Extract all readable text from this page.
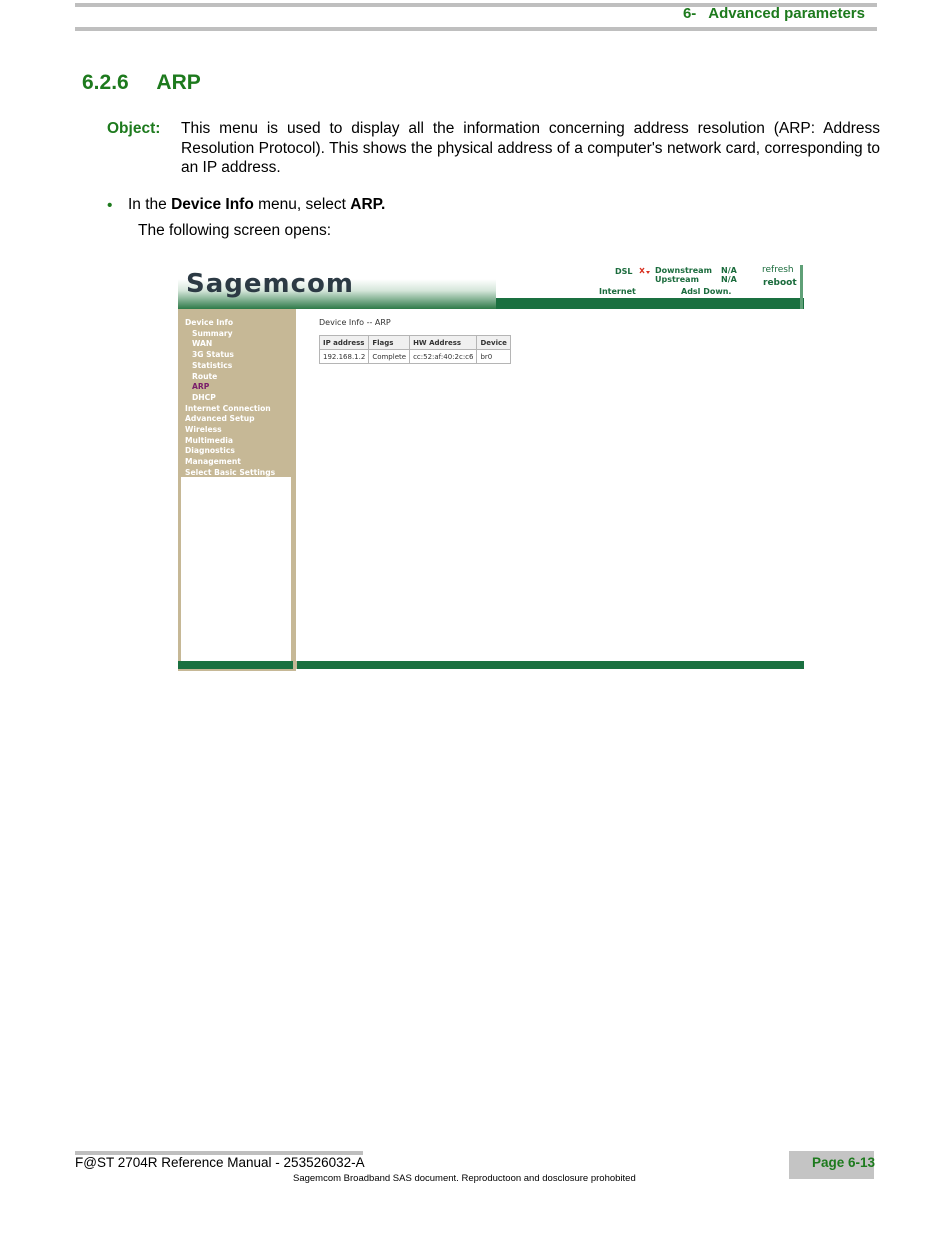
6-   Advanced parameters
6.2.6 ARP
Object: This menu is used to display all the information concerning address resolution (ARP: Address Resolution Protocol). This shows the physical address of a computer's network card, corresponding to an IP address.
• In the Device Info menu, select ARP.
The following screen opens:
Sagemcom	DSL	Downstream
Upstream
N/A
N/A
Internet	Adsl Down.
refresh
reboot
Device Info
Summary
WAN
3G Status
Statistics
Route
ARP
DHCP
Internet Connection
Advanced Setup
Wireless
Multimedia
Diagnostics
Management
Select Basic Settings
Device Info -- ARP
IP address	Flags	HW Address	Device
192.168.1.2	Complete	cc:52:af:40:2c:c6	br0
F@ST 2704R Reference Manual - 253526032-A
Sagemcom Broadband SAS document. Reproductoon and dosclosure prohobited
Page 6-13
